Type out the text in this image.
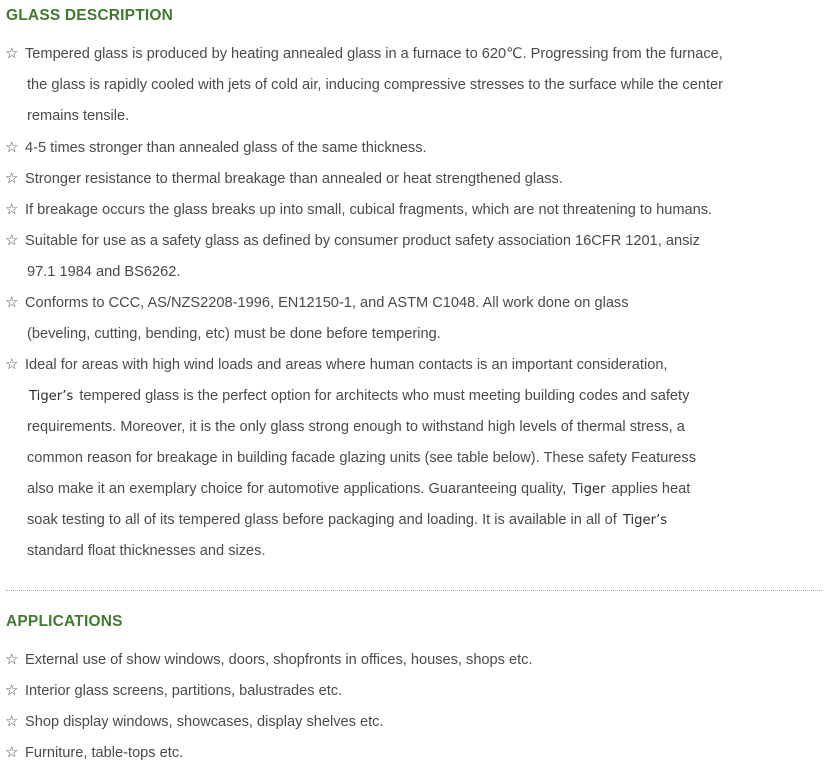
GLASS DESCRIPTION
☆ Tempered glass is produced by heating annealed glass in a furnace to 620℃. Progressing from the furnace,
the glass is rapidly cooled with jets of cold air, inducing compressive stresses to the surface while the center
remains tensile.
☆ 4-5 times stronger than annealed glass of the same thickness.
☆ Stronger resistance to thermal breakage than annealed or heat strengthened glass.
☆ If breakage occurs the glass breaks up into small, cubical fragments, which are not threatening to humans.
☆ Suitable for use as a safety glass as defined by consumer product safety association 16CFR 1201, ansiz
97.1 1984 and BS6262.
☆ Conforms to CCC, AS/NZS2208-1996, EN12150-1, and ASTM C1048. All work done on glass
(beveling, cutting, bending, etc) must be done before tempering.
☆ Ideal for areas with high wind loads and areas where human contacts is an important consideration,
Tiger’s tempered glass is the perfect option for architects who must meeting building codes and safety
requirements. Moreover, it is the only glass strong enough to withstand high levels of thermal stress, a
common reason for breakage in building facade glazing units (see table below). These safety Featuress
also make it an exemplary choice for automotive applications. Guaranteeing quality, Tiger applies heat
soak testing to all of its tempered glass before packaging and loading. It is available in all of Tiger’s
standard float thicknesses and sizes.
APPLICATIONS
☆ External use of show windows, doors, shopfronts in offices, houses, shops etc.
☆ Interior glass screens, partitions, balustrades etc.
☆ Shop display windows, showcases, display shelves etc.
☆ Furniture, table-tops etc.
